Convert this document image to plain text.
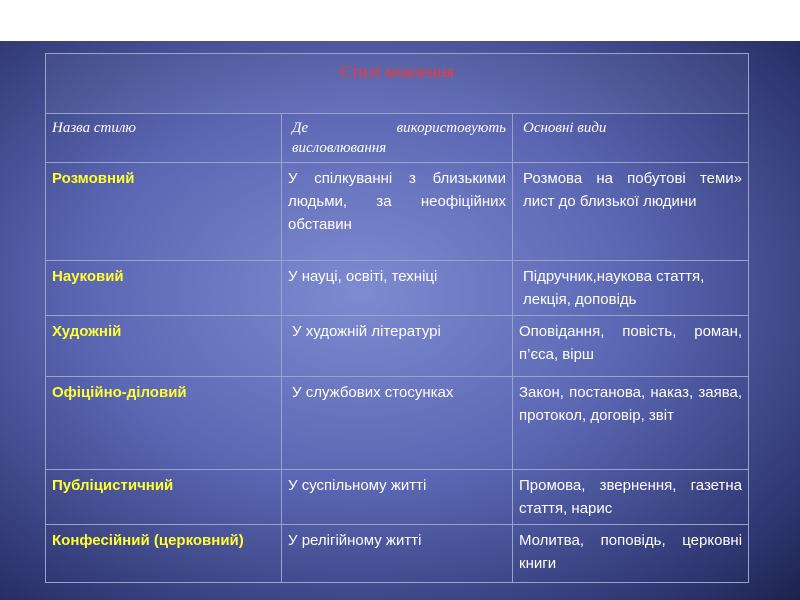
Стилі мовлення		
Назва стилю	Де використовують висловлювання	Основні види
Розмовний	У спілкуванні з близькими людьми, за неофіційних обставин	Розмова на побутові теми» лист до близької людини
Науковий	У науці, освіті, техніці	Підручник,наукова стаття, лекція, доповідь
Художній	У художній літературі	Оповідання, повість, роман, п’єса, вірш
Офіційно-діловий	У службових стосунках	Закон, постанова, наказ, заява, протокол, договір, звіт
Публіцистичний	У суспільному житті	Промова, звернення, газетна стаття, нарис
Конфесійний (церковний)	У релігійному житті	Молитва, поповідь, церковні книги
